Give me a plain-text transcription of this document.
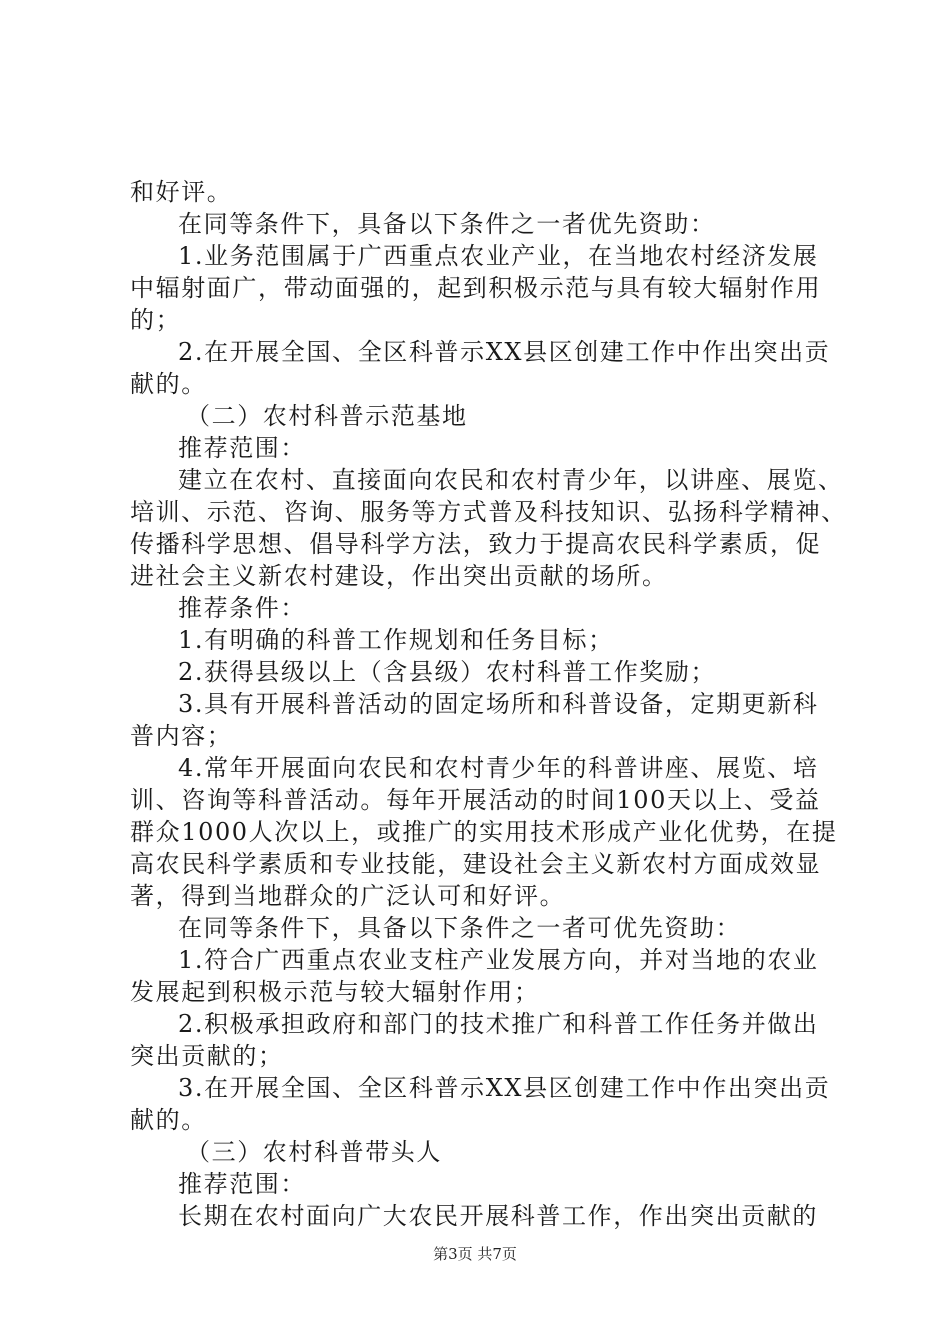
和好评。
在同等条件下，具备以下条件之一者优先资助：
1.业务范围属于广西重点农业产业，在当地农村经济发展
中辐射面广，带动面强的，起到积极示范与具有较大辐射作用
的；
2.在开展全国、全区科普示XX县区创建工作中作出突出贡
献的。
（二）农村科普示范基地
推荐范围：
建立在农村、直接面向农民和农村青少年，以讲座、展览、
培训、示范、咨询、服务等方式普及科技知识、弘扬科学精神、
传播科学思想、倡导科学方法，致力于提高农民科学素质，促
进社会主义新农村建设，作出突出贡献的场所。
推荐条件：
1.有明确的科普工作规划和任务目标；
2.获得县级以上（含县级）农村科普工作奖励；
3.具有开展科普活动的固定场所和科普设备，定期更新科
普内容；
4.常年开展面向农民和农村青少年的科普讲座、展览、培
训、咨询等科普活动。每年开展活动的时间100天以上、受益
群众1000人次以上，或推广的实用技术形成产业化优势，在提
高农民科学素质和专业技能，建设社会主义新农村方面成效显
著，得到当地群众的广泛认可和好评。
在同等条件下，具备以下条件之一者可优先资助：
1.符合广西重点农业支柱产业发展方向，并对当地的农业
发展起到积极示范与较大辐射作用；
2.积极承担政府和部门的技术推广和科普工作任务并做出
突出贡献的；
3.在开展全国、全区科普示XX县区创建工作中作出突出贡
献的。
（三）农村科普带头人
推荐范围：
长期在农村面向广大农民开展科普工作，作出突出贡献的
第3页 共7页
